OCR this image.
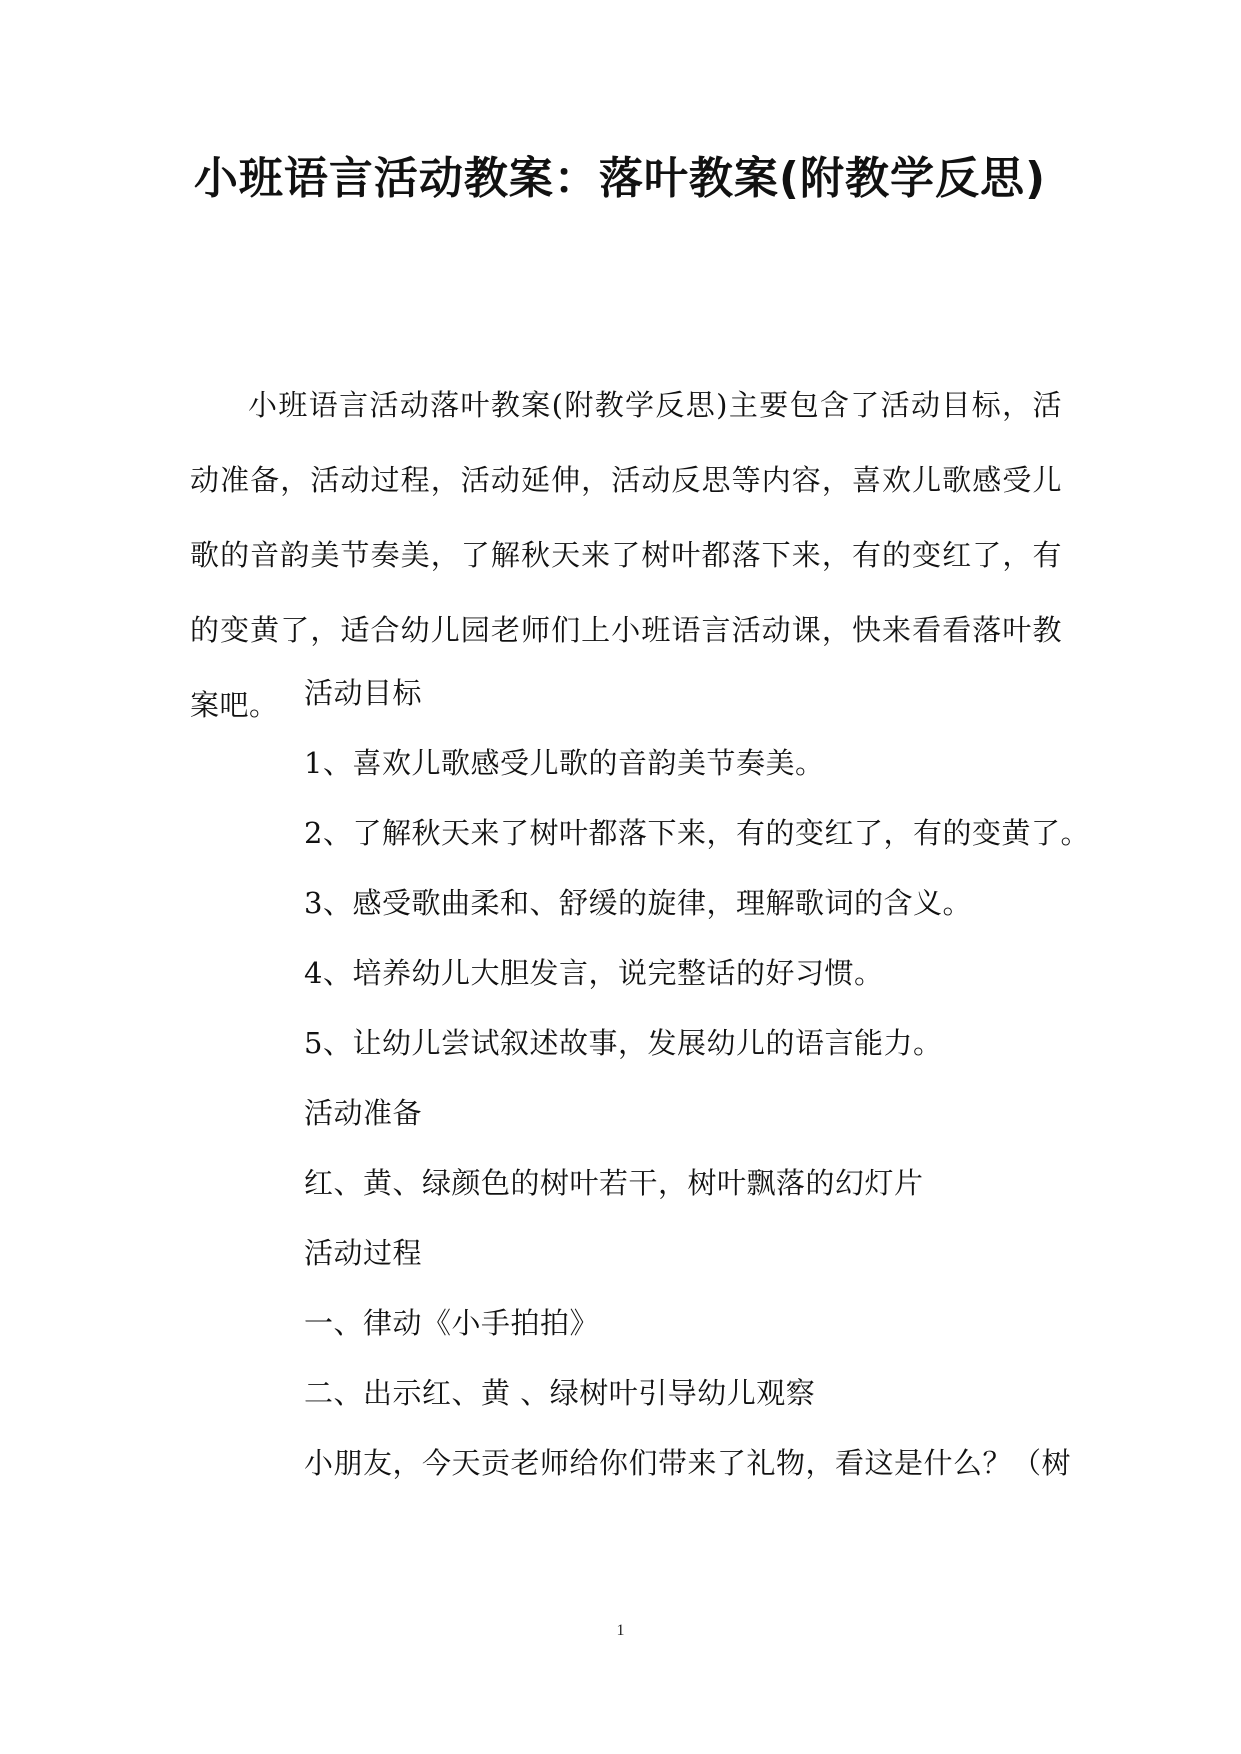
小班语言活动教案：落叶教案(附教学反思)

小班语言活动落叶教案(附教学反思)主要包含了活动目标，活动准备，活动过程，活动延伸，活动反思等内容，喜欢儿歌感受儿歌的音韵美节奏美，了解秋天来了树叶都落下来，有的变红了，有的变黄了，适合幼儿园老师们上小班语言活动课，快来看看落叶教案吧。 活动目标

1、喜欢儿歌感受儿歌的音韵美节奏美。

2、了解秋天来了树叶都落下来，有的变红了，有的变黄了。

3、感受歌曲柔和、舒缓的旋律，理解歌词的含义。

4、培养幼儿大胆发言，说完整话的好习惯。

5、让幼儿尝试叙述故事，发展幼儿的语言能力。

活动准备

红、黄、绿颜色的树叶若干，树叶飘落的幻灯片

活动过程

一、律动《小手拍拍》

二、出示红、黄 、绿树叶引导幼儿观察

小朋友，今天贡老师给你们带来了礼物，看这是什么？（树

1
